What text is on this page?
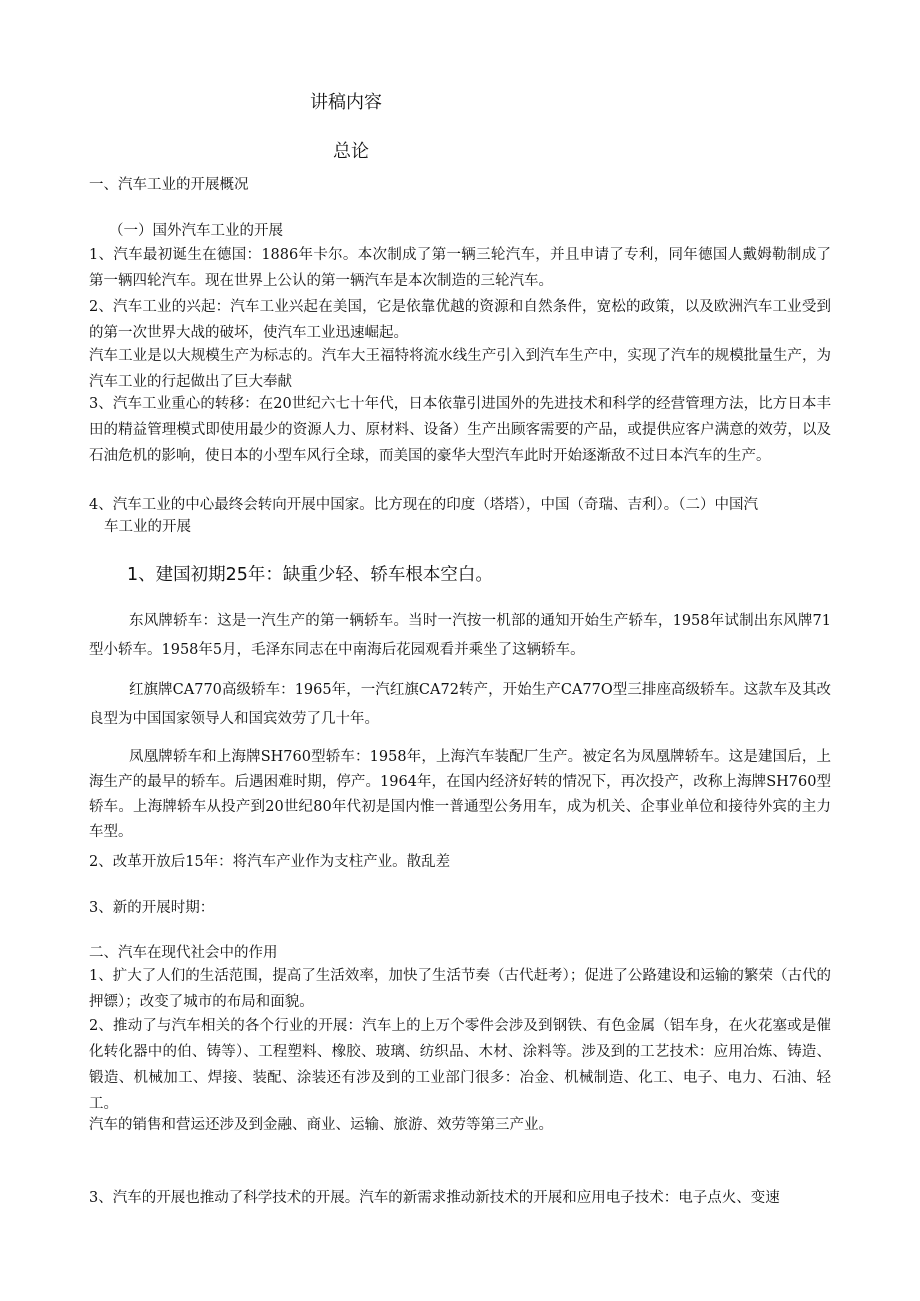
讲稿内容
总论
一、汽车工业的开展概况
（一）国外汽车工业的开展

1、汽车最初诞生在德国：1886年卡尔。本次制成了第一辆三轮汽车，并且申请了专利，同年德国人戴姆勒制成了第一辆四轮汽车。现在世界上公认的第一辆汽车是本次制造的三轮汽车。

2、汽车工业的兴起：汽车工业兴起在美国，它是依靠优越的资源和自然条件，宽松的政策，以及欧洲汽车工业受到的第一次世界大战的破坏，使汽车工业迅速崛起。

汽车工业是以大规模生产为标志的。汽车大王福特将流水线生产引入到汽车生产中，实现了汽车的规模批量生产，为汽车工业的行起做出了巨大奉献

3、汽车工业重心的转移：在20世纪六七十年代，日本依靠引进国外的先进技术和科学的经营管理方法，比方日本丰田的精益管理模式即使用最少的资源人力、原材料、设备）生产出顾客需要的产品，或提供应客户满意的效劳，以及石油危机的影响，使日本的小型车风行全球，而美国的豪华大型汽车此时开始逐渐敌不过日本汽车的生产。

4、汽车工业的中心最终会转向开展中国家。比方现在的印度（塔塔），中国（奇瑞、吉利）。（二）中国汽
车工业的开展
1、建国初期25年：缺重少轻、轿车根本空白。

东风牌轿车：这是一汽生产的第一辆轿车。当时一汽按一机部的通知开始生产轿车，1958年试制出东风牌71型小轿车。1958年5月，毛泽东同志在中南海后花园观看并乘坐了这辆轿车。

红旗牌CA770高级轿车：1965年，一汽红旗CA72转产，开始生产CA77O型三排座高级轿车。这款车及其改良型为中国国家领导人和国宾效劳了几十年。

凤凰牌轿车和上海牌SH760型轿车：1958年，上海汽车装配厂生产。被定名为凤凰牌轿车。这是建国后，上海生产的最早的轿车。后遇困难时期，停产。1964年，在国内经济好转的情况下，再次投产，改称上海牌SH760型轿车。上海牌轿车从投产到20世纪80年代初是国内惟一普通型公务用车，成为机关、企事业单位和接待外宾的主力车型。

2、改革开放后15年：将汽车产业作为支柱产业。散乱差
3、新的开展时期：
二、汽车在现代社会中的作用

1、扩大了人们的生活范围，提高了生活效率，加快了生活节奏（古代赶考）；促进了公路建设和运输的繁荣（古代的押镖）；改变了城市的布局和面貌。

2、推动了与汽车相关的各个行业的开展：汽车上的上万个零件会涉及到钢铁、有色金属（铝车身，在火花塞或是催化转化器中的伯、铸等）、工程塑料、橡胶、玻璃、纺织品、木材、涂料等。涉及到的工艺技术：应用冶炼、铸造、锻造、机械加工、焊接、装配、涂装还有涉及到的工业部门很多：冶金、机械制造、化工、电子、电力、石油、轻工。

汽车的销售和营运还涉及到金融、商业、运输、旅游、效劳等第三产业。
3、汽车的开展也推动了科学技术的开展。汽车的新需求推动新技术的开展和应用电子技术：电子点火、变速
